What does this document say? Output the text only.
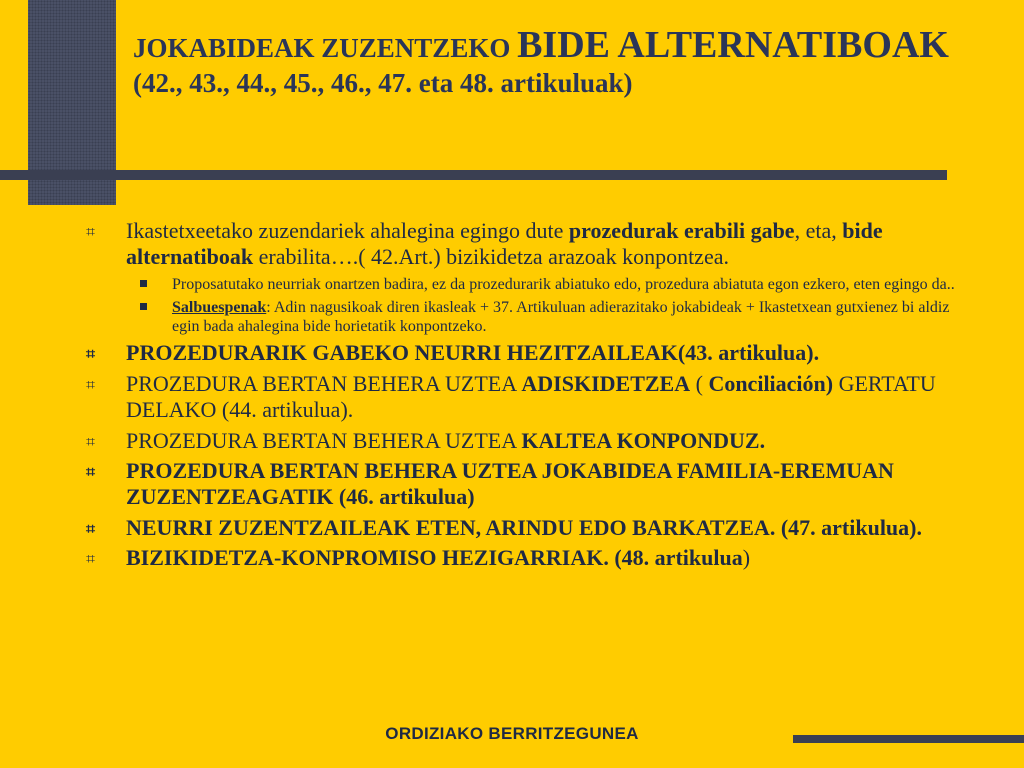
JOKABIDEAK ZUZENTZEKO BIDE ALTERNATIBOAK (42., 43., 44., 45., 46., 47. eta 48. artikuluak)
⌗ Ikastetxeetako zuzendariek ahalegina egingo dute prozedurak erabili gabe, eta, bide alternatiboak erabilita….( 42.Art.) bizikidetza arazoak konpontzea.
Proposatutako neurriak onartzen badira, ez da prozedurarik abiatuko edo, prozedura abiatuta egon ezkero, eten egingo da..
Salbuespenak: Adin nagusikoak diren ikasleak + 37. Artikuluan adierazitako jokabideak + Ikastetxean gutxienez bi aldiz egin bada ahalegina bide horietatik konpontzeko.
⌗ PROZEDURARIK GABEKO NEURRI HEZITZAILEAK(43. artikulua).
⌗ PROZEDURA BERTAN BEHERA UZTEA ADISKIDETZEA ( Conciliación) GERTATU DELAKO (44. artikulua).
⌗ PROZEDURA BERTAN BEHERA UZTEA KALTEA KONPONDUZ.
⌗ PROZEDURA BERTAN BEHERA UZTEA JOKABIDEA FAMILIA-EREMUAN ZUZENTZEAGATIK (46. artikulua)
⌗ NEURRI ZUZENTZAILEAK ETEN, ARINDU EDO BARKATZEA. (47. artikulua).
⌗ BIZIKIDETZA-KONPROMISO HEZIGARRIAK. (48. artikulua)
ORDIZIAKO BERRITZEGUNEA
